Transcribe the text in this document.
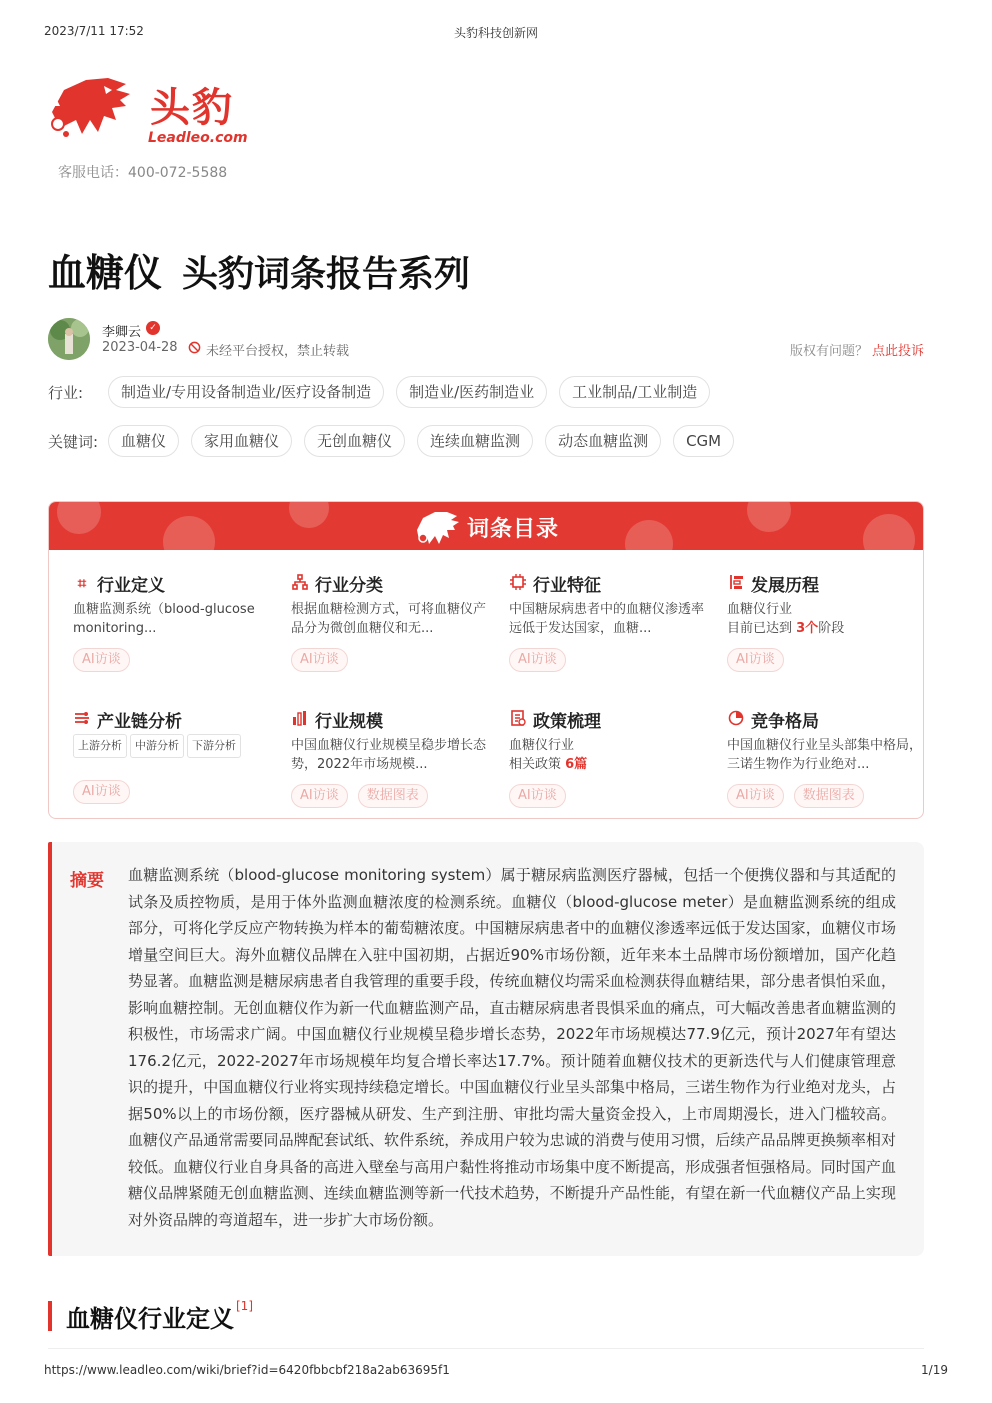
2023/7/11 17:52	头豹科技创新网
头豹
Leadleo.com
客服电话：400-072-5588
血糖仪 头豹词条报告系列
李卿云 ✓
2023-04-28 未经平台授权，禁止转载	版权有问题？ 点此投诉
行业:	制造业/专用设备制造业/医疗设备制造	制造业/医药制造业	工业制品/工业制造
关键词:	血糖仪	家用血糖仪	无创血糖仪	连续血糖监测	动态血糖监测	CGM
词条目录
⌗ 行业定义
血糖监测系统（blood-glucose monitoring...
AI访谈
行业分类
根据血糖检测方式，可将血糖仪产品分为微创血糖仪和无...
AI访谈
行业特征
中国糖尿病患者中的血糖仪渗透率远低于发达国家，血糖...
AI访谈
发展历程
血糖仪行业
目前已达到 3个阶段
AI访谈
产业链分析
上游分析 中游分析 下游分析
AI访谈
行业规模
中国血糖仪行业规模呈稳步增长态势，2022年市场规模...
AI访谈 数据图表
政策梳理
血糖仪行业
相关政策 6篇
AI访谈
竞争格局
中国血糖仪行业呈头部集中格局，三诺生物作为行业绝对...
AI访谈 数据图表
摘要 血糖监测系统（blood-glucose monitoring system）属于糖尿病监测医疗器械，包括一个便携仪器和与其适配的试条及质控物质，是用于体外监测血糖浓度的检测系统。血糖仪（blood-glucose meter）是血糖监测系统的组成部分，可将化学反应产物转换为样本的葡萄糖浓度。中国糖尿病患者中的血糖仪渗透率远低于发达国家，血糖仪市场增量空间巨大。海外血糖仪品牌在入驻中国初期，占据近90%市场份额，近年来本土品牌市场份额增加，国产化趋势显著。血糖监测是糖尿病患者自我管理的重要手段，传统血糖仪均需采血检测获得血糖结果，部分患者惧怕采血，影响血糖控制。无创血糖仪作为新一代血糖监测产品，直击糖尿病患者畏惧采血的痛点，可大幅改善患者血糖监测的积极性，市场需求广阔。中国血糖仪行业规模呈稳步增长态势，2022年市场规模达77.9亿元，预计2027年有望达176.2亿元，2022-2027年市场规模年均复合增长率达17.7%。预计随着血糖仪技术的更新迭代与人们健康管理意识的提升，中国血糖仪行业将实现持续稳定增长。中国血糖仪行业呈头部集中格局，三诺生物作为行业绝对龙头，占据50%以上的市场份额，医疗器械从研发、生产到注册、审批均需大量资金投入，上市周期漫长，进入门槛较高。血糖仪产品通常需要同品牌配套试纸、软件系统，养成用户较为忠诚的消费与使用习惯，后续产品品牌更换频率相对较低。血糖仪行业自身具备的高进入壁垒与高用户黏性将推动市场集中度不断提高，形成强者恒强格局。同时国产血糖仪品牌紧随无创血糖监测、连续血糖监测等新一代技术趋势，不断提升产品性能，有望在新一代血糖仪产品上实现对外资品牌的弯道超车，进一步扩大市场份额。

血糖仪行业定义 [1]
https://www.leadleo.com/wiki/brief?id=6420fbbcbf218a2ab63695f1	1/19
